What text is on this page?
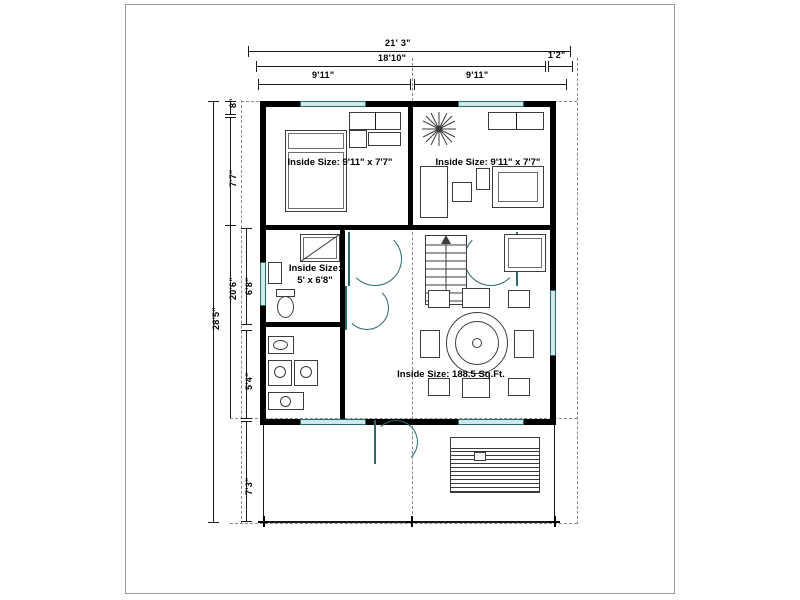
21' 3"
18'10"	1'2"
9'11"	9'11"
28'5"
8"
7'7"
20'6" 6'8"
5'4"
7'3"
Inside Size: 9'11" x 7'7"	Inside Size: 9'11" x 7'7"
Inside Size:
5' x 6'8"
Inside Size: 188.5 Sq.Ft.
